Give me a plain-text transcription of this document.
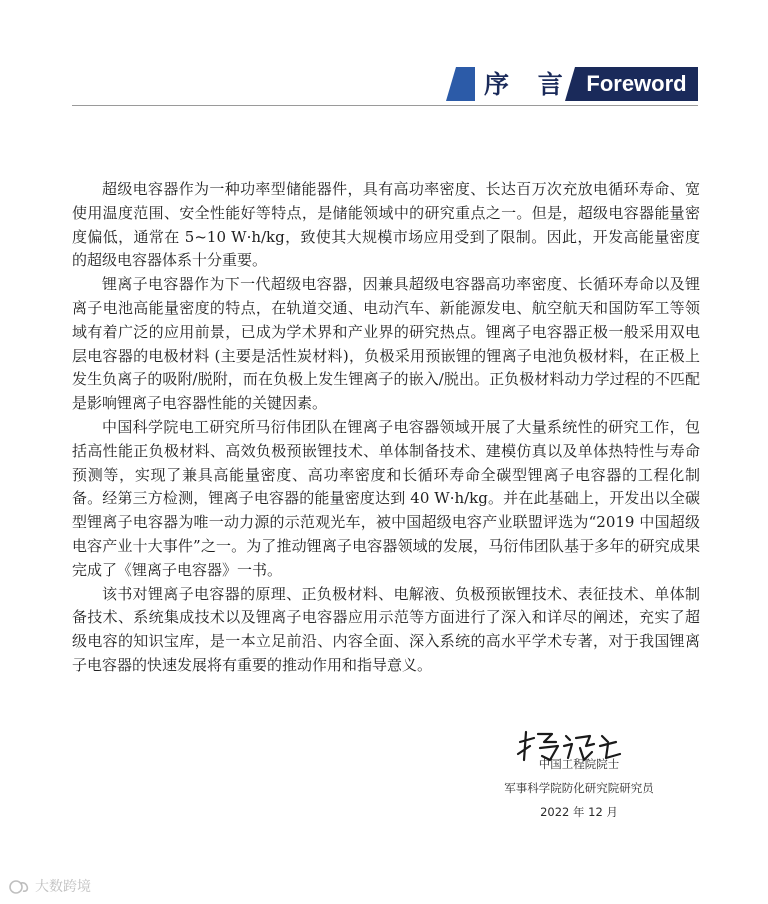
序 言 Foreword

超级电容器作为一种功率型储能器件，具有高功率密度、长达百万次充放电循环寿命、宽使用温度范围、安全性能好等特点，是储能领域中的研究重点之一。但是，超级电容器能量密度偏低，通常在 5~10 W·h/kg，致使其大规模市场应用受到了限制。因此，开发高能量密度的超级电容器体系十分重要。

锂离子电容器作为下一代超级电容器，因兼具超级电容器高功率密度、长循环寿命以及锂离子电池高能量密度的特点，在轨道交通、电动汽车、新能源发电、航空航天和国防军工等领域有着广泛的应用前景，已成为学术界和产业界的研究热点。锂离子电容器正极一般采用双电层电容器的电极材料 (主要是活性炭材料)，负极采用预嵌锂的锂离子电池负极材料，在正极上发生负离子的吸附/脱附，而在负极上发生锂离子的嵌入/脱出。正负极材料动力学过程的不匹配是影响锂离子电容器性能的关键因素。

中国科学院电工研究所马衍伟团队在锂离子电容器领域开展了大量系统性的研究工作，包括高性能正负极材料、高效负极预嵌锂技术、单体制备技术、建模仿真以及单体热特性与寿命预测等，实现了兼具高能量密度、高功率密度和长循环寿命全碳型锂离子电容器的工程化制备。经第三方检测，锂离子电容器的能量密度达到 40 W·h/kg。并在此基础上，开发出以全碳型锂离子电容器为唯一动力源的示范观光车，被中国超级电容产业联盟评选为“2019 中国超级电容产业十大事件”之一。为了推动锂离子电容器领域的发展，马衍伟团队基于多年的研究成果完成了《锂离子电容器》一书。

该书对锂离子电容器的原理、正负极材料、电解液、负极预嵌锂技术、表征技术、单体制备技术、系统集成技术以及锂离子电容器应用示范等方面进行了深入和详尽的阐述，充实了超级电容的知识宝库，是一本立足前沿、内容全面、深入系统的高水平学术专著，对于我国锂离子电容器的快速发展将有重要的推动作用和指导意义。

中国工程院院士
军事科学院防化研究院研究员
2022 年 12 月
大数跨境
